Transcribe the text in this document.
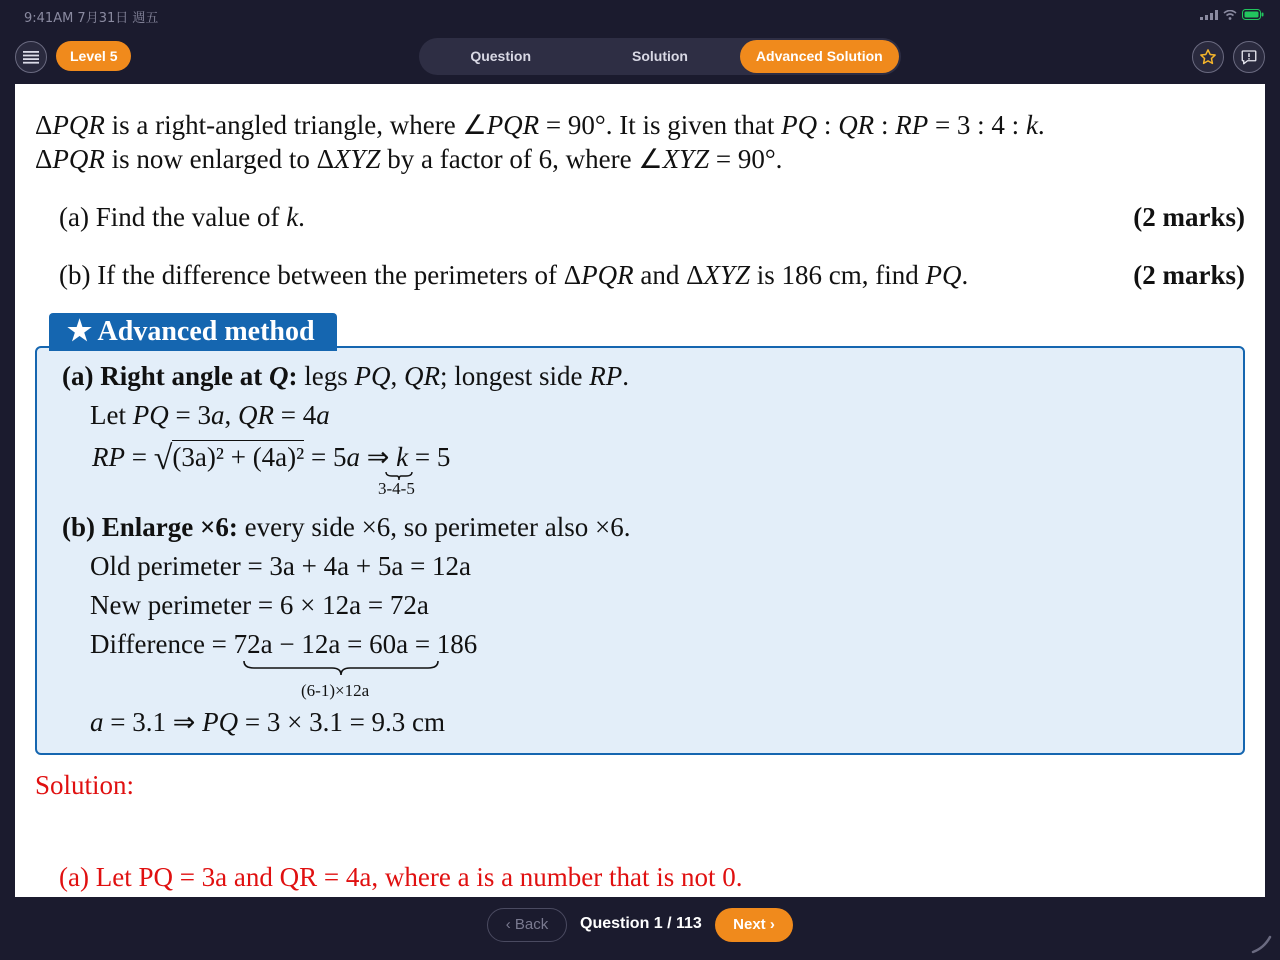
9:41AM 7月31日 週五
Level 5	Question	Solution	Advanced Solution
ΔPQR is a right-angled triangle, where ∠PQR = 90°. It is given that PQ : QR : RP = 3 : 4 : k.
ΔPQR is now enlarged to ΔXYZ by a factor of 6, where ∠XYZ = 90°.
(a) Find the value of k.	(2 marks)
(b) If the difference between the perimeters of ΔPQR and ΔXYZ is 186 cm, find PQ.	(2 marks)
(a) Right angle at Q: legs PQ, QR; longest side RP.
Let PQ = 3a, QR = 4a
RP = √(3a)² + (4a)² = 5a ⇒ k = 5
3-4-5
(b) Enlarge ×6: every side ×6, so perimeter also ×6.
Old perimeter = 3a + 4a + 5a = 12a
New perimeter = 6 × 12a = 72a
Difference = 72a − 12a = 60a = 186
(6-1)×12a
a = 3.1 ⇒ PQ = 3 × 3.1 = 9.3 cm
★ Advanced method
Solution:
(a) Let PQ = 3a and QR = 4a, where a is a number that is not 0.
‹ Back	Question 1 / 113	Next ›
